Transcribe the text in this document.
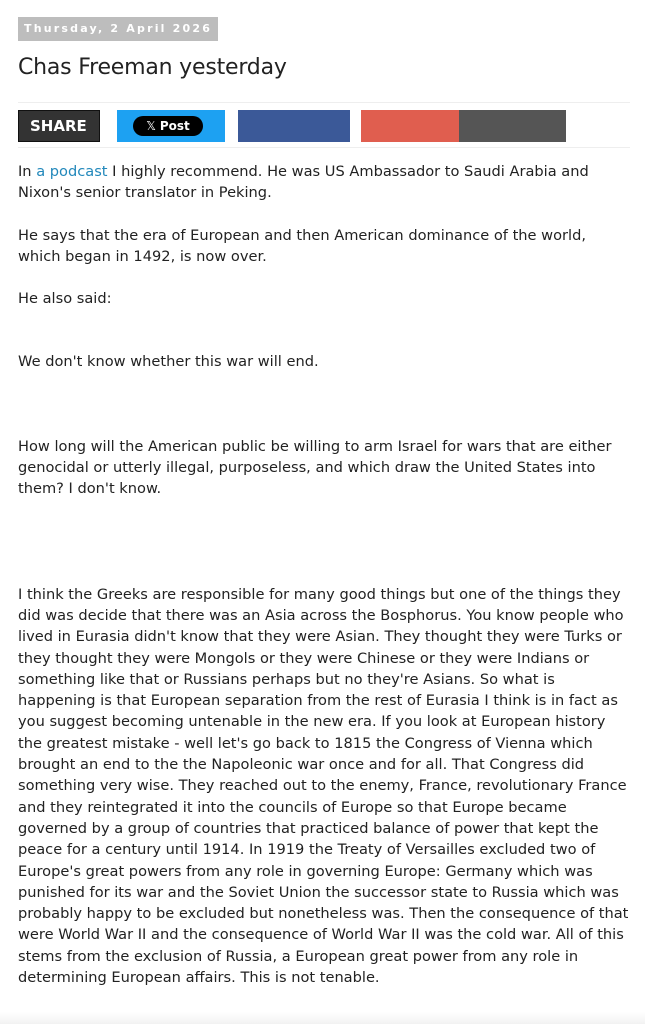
Thursday, 2 April 2026
Chas Freeman yesterday
SHARE	𝕏 Post

In a podcast I highly recommend. He was US Ambassador to Saudi Arabia and Nixon's senior translator in Peking.

He says that the era of European and then American dominance of the world, which began in 1492, is now over.

He also said:

We don't know whether this war will end.

How long will the American public be willing to arm Israel for wars that are either genocidal or utterly illegal, purposeless, and which draw the United States into them? I don't know.

I think the Greeks are responsible for many good things but one of the things they did was decide that there was an Asia across the Bosphorus. You know people who lived in Eurasia didn't know that they were Asian. They thought they were Turks or they thought they were Mongols or they were Chinese or they were Indians or something like that or Russians perhaps but no they're Asians. So what is happening is that European separation from the rest of Eurasia I think is in fact as you suggest becoming untenable in the new era. If you look at European history the greatest mistake - well let's go back to 1815 the Congress of Vienna which brought an end to the the Napoleonic war once and for all. That Congress did something very wise. They reached out to the enemy, France, revolutionary France and they reintegrated it into the councils of Europe so that Europe became governed by a group of countries that practiced balance of power that kept the peace for a century until 1914. In 1919 the Treaty of Versailles excluded two of Europe's great powers from any role in governing Europe: Germany which was punished for its war and the Soviet Union the successor state to Russia which was probably happy to be excluded but nonetheless was. Then the consequence of that were World War II and the consequence of World War II was the cold war. All of this stems from the exclusion of Russia, a European great power from any role in determining European affairs. This is not tenable.
